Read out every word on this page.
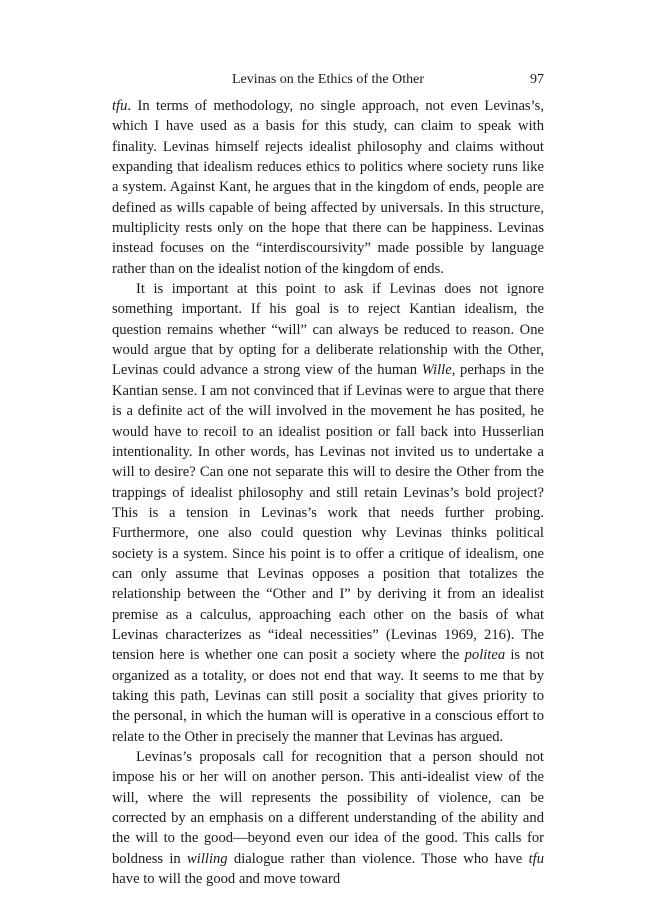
Levinas on the Ethics of the Other	97

tfu. In terms of methodology, no single approach, not even Levinas’s, which I have used as a basis for this study, can claim to speak with finality. Levinas himself rejects idealist philosophy and claims without expanding that idealism reduces ethics to politics where society runs like a system. Against Kant, he argues that in the kingdom of ends, people are defined as wills capable of being affected by universals. In this structure, multiplicity rests only on the hope that there can be happiness. Levinas instead focuses on the “interdiscoursivity” made possible by language rather than on the idealist notion of the kingdom of ends.

It is important at this point to ask if Levinas does not ignore something important. If his goal is to reject Kantian idealism, the question remains whether “will” can always be reduced to reason. One would argue that by opting for a deliberate relationship with the Other, Levinas could advance a strong view of the human Wille, perhaps in the Kantian sense. I am not convinced that if Levinas were to argue that there is a definite act of the will involved in the movement he has posited, he would have to recoil to an idealist position or fall back into Husserlian intentionality. In other words, has Levinas not invited us to undertake a will to desire? Can one not separate this will to desire the Other from the trappings of idealist philosophy and still retain Levinas’s bold project? This is a tension in Levinas’s work that needs further probing. Furthermore, one also could question why Levinas thinks political society is a system. Since his point is to offer a critique of idealism, one can only assume that Levinas opposes a position that totalizes the relationship between the “Other and I” by deriving it from an idealist premise as a calculus, approaching each other on the basis of what Levinas characterizes as “ideal necessities” (Levinas 1969, 216). The tension here is whether one can posit a society where the politea is not organized as a totality, or does not end that way. It seems to me that by taking this path, Levinas can still posit a sociality that gives priority to the personal, in which the human will is operative in a conscious effort to relate to the Other in precisely the manner that Levinas has argued.

Levinas’s proposals call for recognition that a person should not impose his or her will on another person. This anti-idealist view of the will, where the will represents the possibility of violence, can be corrected by an emphasis on a different understanding of the ability and the will to the good—beyond even our idea of the good. This calls for boldness in willing dialogue rather than violence. Those who have tfu have to will the good and move toward
